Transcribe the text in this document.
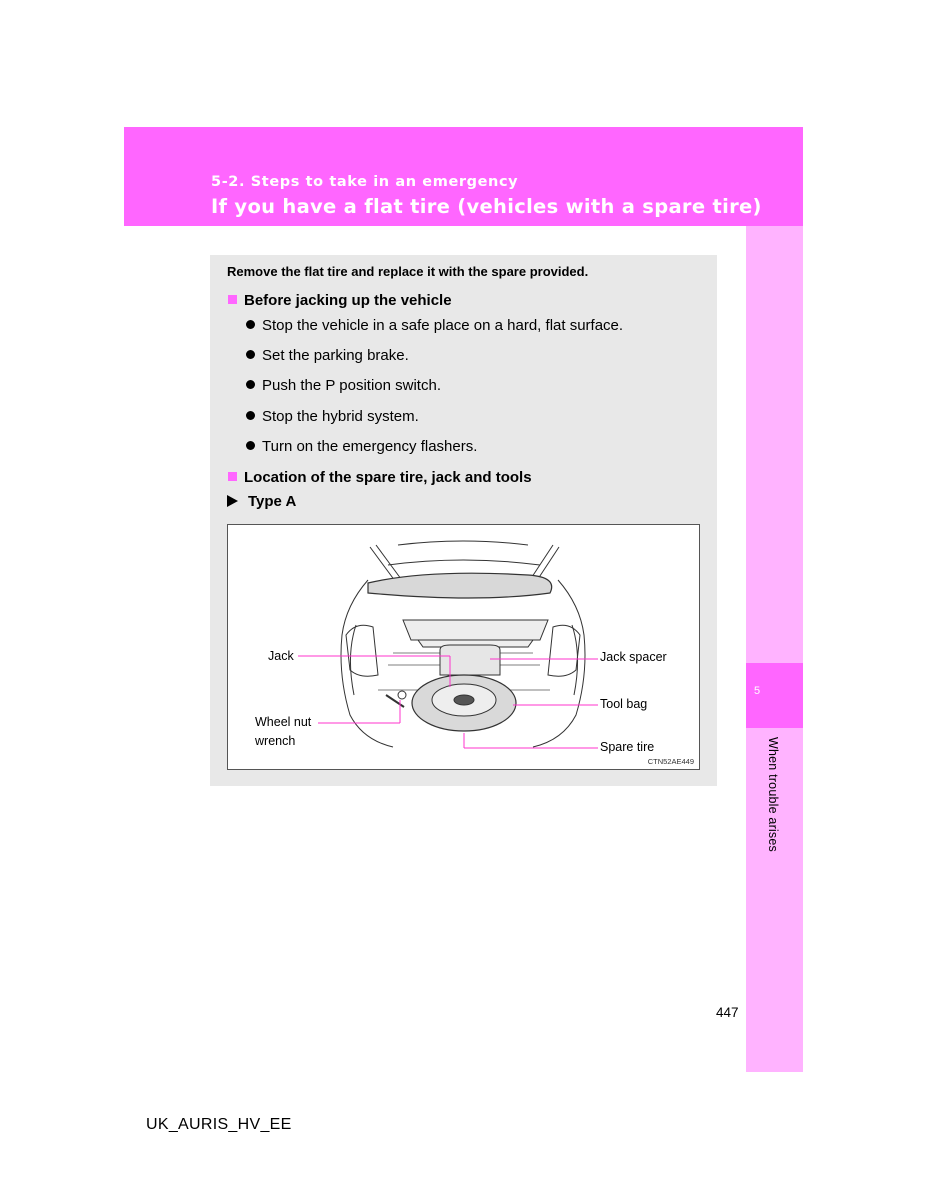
5-2. Steps to take in an emergency
If you have a flat tire (vehicles with a spare tire)
5
When trouble arises
Remove the flat tire and replace it with the spare provided.
Before jacking up the vehicle
Stop the vehicle in a safe place on a hard, flat surface.
Set the parking brake.
Push the P position switch.
Stop the hybrid system.
Turn on the emergency flashers.
Location of the spare tire, jack and tools
Type A
Jack	Jack spacer
Tool bag
Wheel nut
wrench	Spare tire
CTN52AE449
447
UK_AURIS_HV_EE
